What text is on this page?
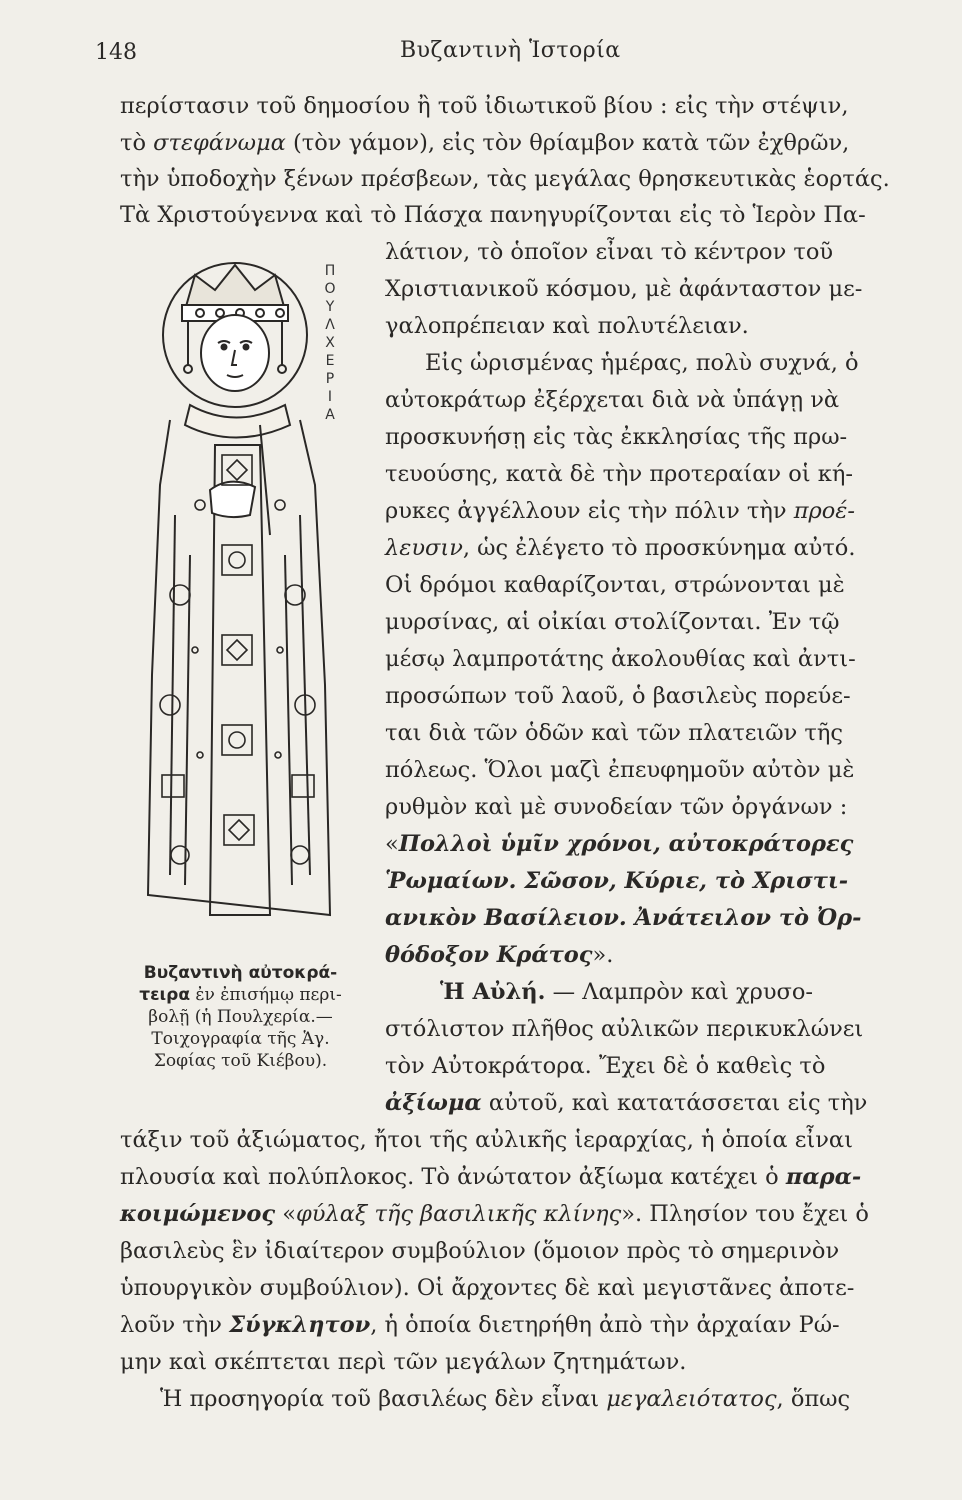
148	Βυζαντινὴ Ἱστορία
περίστασιν τοῦ δημοσίου ἢ τοῦ ἰδιωτικοῦ βίου : εἰς τὴν στέψιν,
τὸ στεφάνωμα (τὸν γάμον), εἰς τὸν θρίαμβον κατὰ τῶν ἐχθρῶν,
τὴν ὑποδοχὴν ξένων πρέσβεων, τὰς μεγάλας θρησκευτικὰς ἑορτάς.
Τὰ Χριστούγεννα καὶ τὸ Πάσχα πανηγυρίζονται εἰς τὸ Ἱερὸν Πα-
λάτιον, τὸ ὁποῖον εἶναι τὸ κέντρον τοῦ
Χριστιανικοῦ κόσμου, μὲ ἀφάνταστον με-
γαλοπρέπειαν καὶ πολυτέλειαν.
Εἰς ὡρισμένας ἡμέρας, πολὺ συχνά, ὁ
αὐτοκράτωρ ἐξέρχεται διὰ νὰ ὑπάγῃ νὰ
προσκυνήσῃ εἰς τὰς ἐκκλησίας τῆς πρω-
τευούσης, κατὰ δὲ τὴν προτεραίαν οἱ κή-
ρυκες ἀγγέλλουν εἰς τὴν πόλιν τὴν προέ-
λευσιν, ὡς ἐλέγετο τὸ προσκύνημα αὐτό.
Οἱ δρόμοι καθαρίζονται, στρώνονται μὲ
μυρσίνας, αἱ οἰκίαι στολίζονται. Ἐν τῷ
μέσῳ λαμπροτάτης ἀκολουθίας καὶ ἀντι-
προσώπων τοῦ λαοῦ, ὁ βασιλεὺς πορεύε-
ται διὰ τῶν ὁδῶν καὶ τῶν πλατειῶν τῆς
πόλεως. Ὅλοι μαζὶ ἐπευφημοῦν αὐτὸν μὲ
ρυθμὸν καὶ μὲ συνοδείαν τῶν ὀργάνων :
«Πολλοὶ ὑμῖν χρόνοι, αὐτοκράτορες
Ῥωμαίων. Σῶσον, Κύριε, τὸ Χριστι-
ανικὸν Βασίλειον. Ἀνάτειλον τὸ Ὀρ-
θόδοξον Κράτος».
Ἡ Αὐλή. — Λαμπρὸν καὶ χρυσο-
στόλιστον πλῆθος αὐλικῶν περικυκλώνει
τὸν Αὐτοκράτορα. Ἔχει δὲ ὁ καθεὶς τὸ
ἀξίωμα αὐτοῦ, καὶ κατατάσσεται εἰς τὴν
τάξιν τοῦ ἀξιώματος, ἤτοι τῆς αὐλικῆς ἱεραρχίας, ἡ ὁποία εἶναι
πλουσία καὶ πολύπλοκος. Τὸ ἀνώτατον ἀξίωμα κατέχει ὁ παρα-
κοιμώμενος «φύλαξ τῆς βασιλικῆς κλίνης». Πλησίον του ἔχει ὁ
βασιλεὺς ἓν ἰδιαίτερον συμβούλιον (ὅμοιον πρὸς τὸ σημερινὸν
ὑπουργικὸν συμβούλιον). Οἱ ἄρχοντες δὲ καὶ μεγιστᾶνες ἀποτε-
λοῦν τὴν Σύγκλητον, ἡ ὁποία διετηρήθη ἀπὸ τὴν ἀρχαίαν Ρώ-
μην καὶ σκέπτεται περὶ τῶν μεγάλων ζητημάτων.
Ἡ προσηγορία τοῦ βασιλέως δὲν εἶναι μεγαλειότατος, ὅπως
Π
Ο
Υ
Λ
Χ
Ε
Ρ
Ι
Α
Βυζαντινὴ αὐτοκρά-
τειρα ἐν ἐπισήμῳ περι-
βολῇ (ἡ Πουλχερία.—
Τοιχογραφία τῆς Ἁγ.
Σοφίας τοῦ Κιέβου).
